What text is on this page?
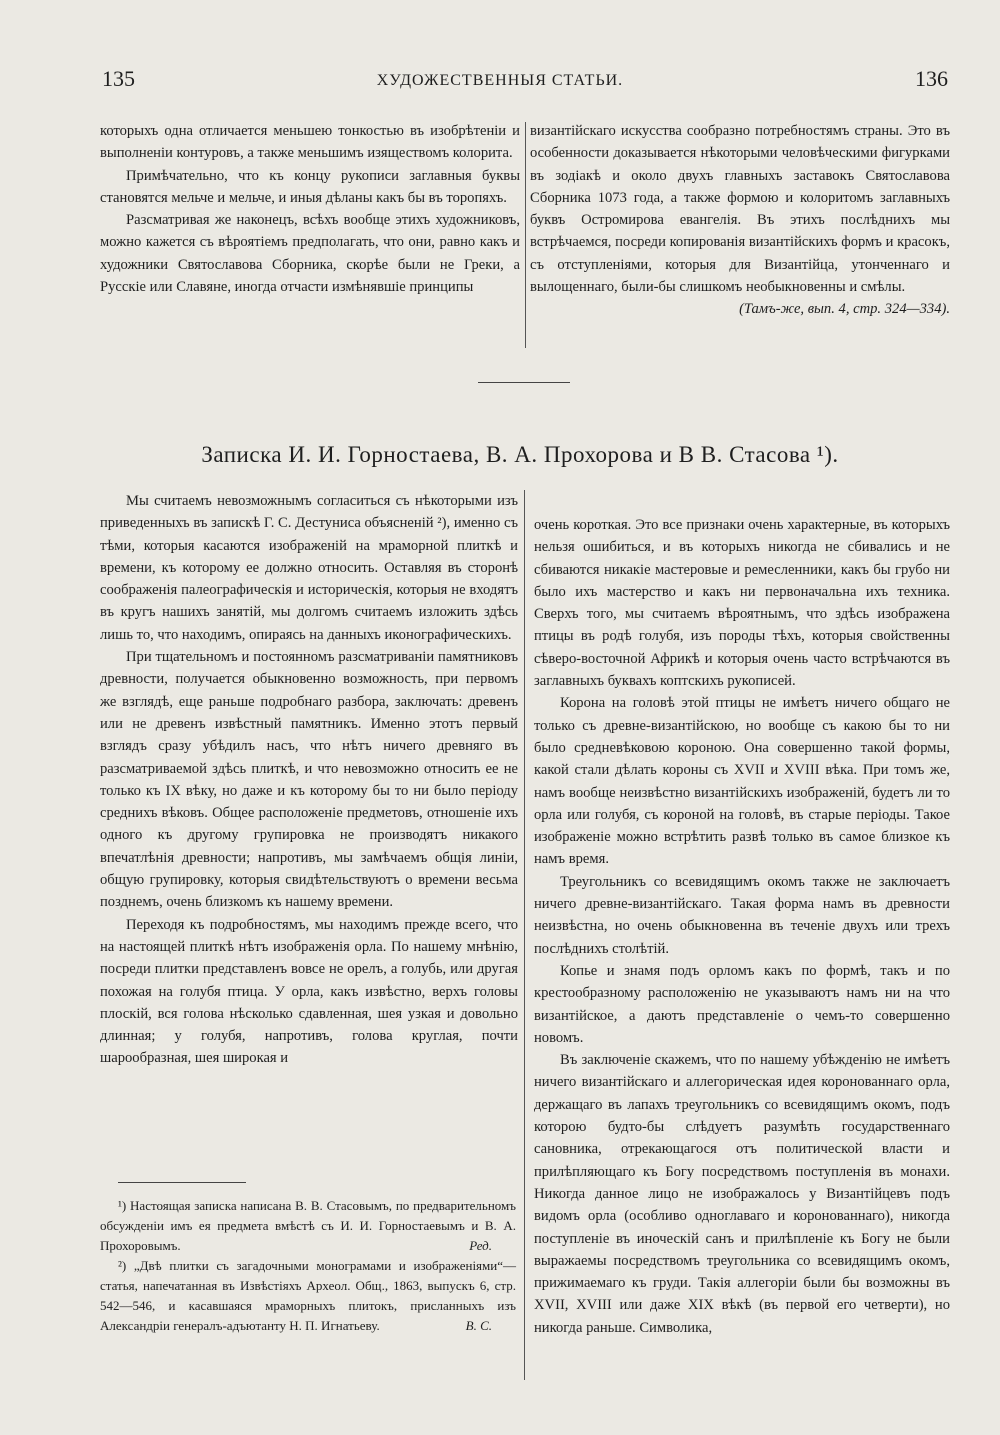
135	ХУДОЖЕСТВЕННЫЯ СТАТЬИ.	136

которыхъ одна отличается меньшею тонкостью въ изобрѣтеніи и выполненіи контуровъ, а также меньшимъ изяществомъ колорита.

Примѣчательно, что къ концу рукописи заглавныя буквы становятся мельче и мельче, и иныя дѣланы какъ бы въ торопяхъ.

Разсматривая же наконецъ, всѣхъ вообще этихъ художниковъ, можно кажется съ вѣроятіемъ предполагать, что они, равно какъ и художники Святославова Сборника, скорѣе были не Греки, а Русскіе или Славяне, иногда отчасти измѣнявшіе принципы

византійскаго искусства сообразно потребностямъ страны. Это въ особенности доказывается нѣкоторыми человѣческими фигурками въ зодіакѣ и около двухъ главныхъ заставокъ Святославова Сборника 1073 года, а также формою и колоритомъ заглавныхъ буквъ Остромирова евангелія. Въ этихъ послѣднихъ мы встрѣчаемся, посреди копированія византійскихъ формъ и красокъ, съ отступленіями, которыя для Византійца, утонченнаго и вылощеннаго, были-бы слишкомъ необыкновенны и смѣлы.

(Тамъ-же, вып. 4, стр. 324—334).

Записка И. И. Горностаева, В. А. Прохорова и В В. Стасова ¹).

Мы считаемъ невозможнымъ согласиться съ нѣкоторыми изъ приведенныхъ въ запискѣ Г. С. Дестуниса объясненій ²), именно съ тѣми, которыя касаются изображеній на мраморной плиткѣ и времени, къ которому ее должно относить. Оставляя въ сторонѣ соображенія палеографическія и историческія, которыя не входятъ въ кругъ нашихъ занятій, мы долгомъ считаемъ изложить здѣсь лишь то, что находимъ, опираясь на данныхъ иконографическихъ.

При тщательномъ и постоянномъ разсматриваніи памятниковъ древности, получается обыкновенно возможность, при первомъ же взглядѣ, еще раньше подробнаго разбора, заключать: древенъ или не древенъ извѣстный памятникъ. Именно этотъ первый взглядъ сразу убѣдилъ насъ, что нѣтъ ничего древняго въ разсматриваемой здѣсь плиткѣ, и что невозможно относить ее не только къ IX вѣку, но даже и къ которому бы то ни было періоду среднихъ вѣковъ. Общее расположеніе предметовъ, отношеніе ихъ одного къ другому групировка не производятъ никакого впечатлѣнія древности; напротивъ, мы замѣчаемъ общія линіи, общую групировку, которыя свидѣтельствуютъ о времени весьма позднемъ, очень близкомъ къ нашему времени.

Переходя къ подробностямъ, мы находимъ прежде всего, что на настоящей плиткѣ нѣтъ изображенія орла. По нашему мнѣнію, посреди плитки представленъ вовсе не орелъ, а голубь, или другая похожая на голубя птица. У орла, какъ извѣстно, верхъ головы плоскій, вся голова нѣсколько сдавленная, шея узкая и довольно длинная; у голубя, напротивъ, голова круглая, почти шарообразная, шея широкая и

очень короткая. Это все признаки очень характерные, въ которыхъ нельзя ошибиться, и въ которыхъ никогда не сбивались и не сбиваются никакіе мастеровые и ремесленники, какъ бы грубо ни было ихъ мастерство и какъ ни первоначальна ихъ техника. Сверхъ того, мы считаемъ вѣроятнымъ, что здѣсь изображена птицы въ родѣ голубя, изъ породы тѣхъ, которыя свойственны сѣверо-восточной Африкѣ и которыя очень часто встрѣчаются въ заглавныхъ буквахъ коптскихъ рукописей.

Корона на головѣ этой птицы не имѣетъ ничего общаго не только съ древне-византійскою, но вообще съ какою бы то ни было средневѣковою короною. Она совершенно такой формы, какой стали дѣлать короны съ XVII и XVIII вѣка. При томъ же, намъ вообще неизвѣстно византійскихъ изображеній, будетъ ли то орла или голубя, съ короной на головѣ, въ старые періоды. Такое изображеніе можно встрѣтить развѣ только въ самое близкое къ намъ время.

Треугольникъ со всевидящимъ окомъ также не заключаетъ ничего древне-византійскаго. Такая форма намъ въ древности неизвѣстна, но очень обыкновенна въ теченіе двухъ или трехъ послѣднихъ столѣтій.

Копье и знамя подъ орломъ какъ по формѣ, такъ и по крестообразному расположенію не указываютъ намъ ни на что византійское, а даютъ представленіе о чемъ-то совершенно новомъ.

Въ заключеніе скажемъ, что по нашему убѣжденію не имѣетъ ничего византійскаго и аллегорическая идея коронованнаго орла, держащаго въ лапахъ треугольникъ со всевидящимъ окомъ, подъ которою будто-бы слѣдуетъ разумѣть государственнаго сановника, отрекающагося отъ политической власти и прилѣпляющаго къ Богу посредствомъ поступленія въ монахи. Никогда данное лицо не изображалось у Византійцевъ подъ видомъ орла (особливо одноглаваго и коронованнаго), никогда поступленіе въ иноческій санъ и прилѣпленіе къ Богу не были выражаемы посредствомъ треугольника со всевидящимъ окомъ, прижимаемаго къ груди. Такія аллегоріи были бы возможны въ XVII, XVIII или даже XIX вѣкѣ (въ первой его четверти), но никогда раньше. Символика,

¹) Настоящая записка написана В. В. Стасовымъ, по предварительномъ обсужденіи имъ ея предмета вмѣстѣ съ И. И. Горностаевымъ и В. А. Прохоровымъ.	Ред.

²) „Двѣ плитки съ загадочными монограмами и изображеніями“—статья, напечатанная въ Извѣстіяхъ Археол. Общ., 1863, выпускъ 6, стр. 542—546, и касавшаяся мраморныхъ плитокъ, присланныхъ изъ Александріи генералъ-адъютанту Н. П. Игнатьеву.	В. С.
